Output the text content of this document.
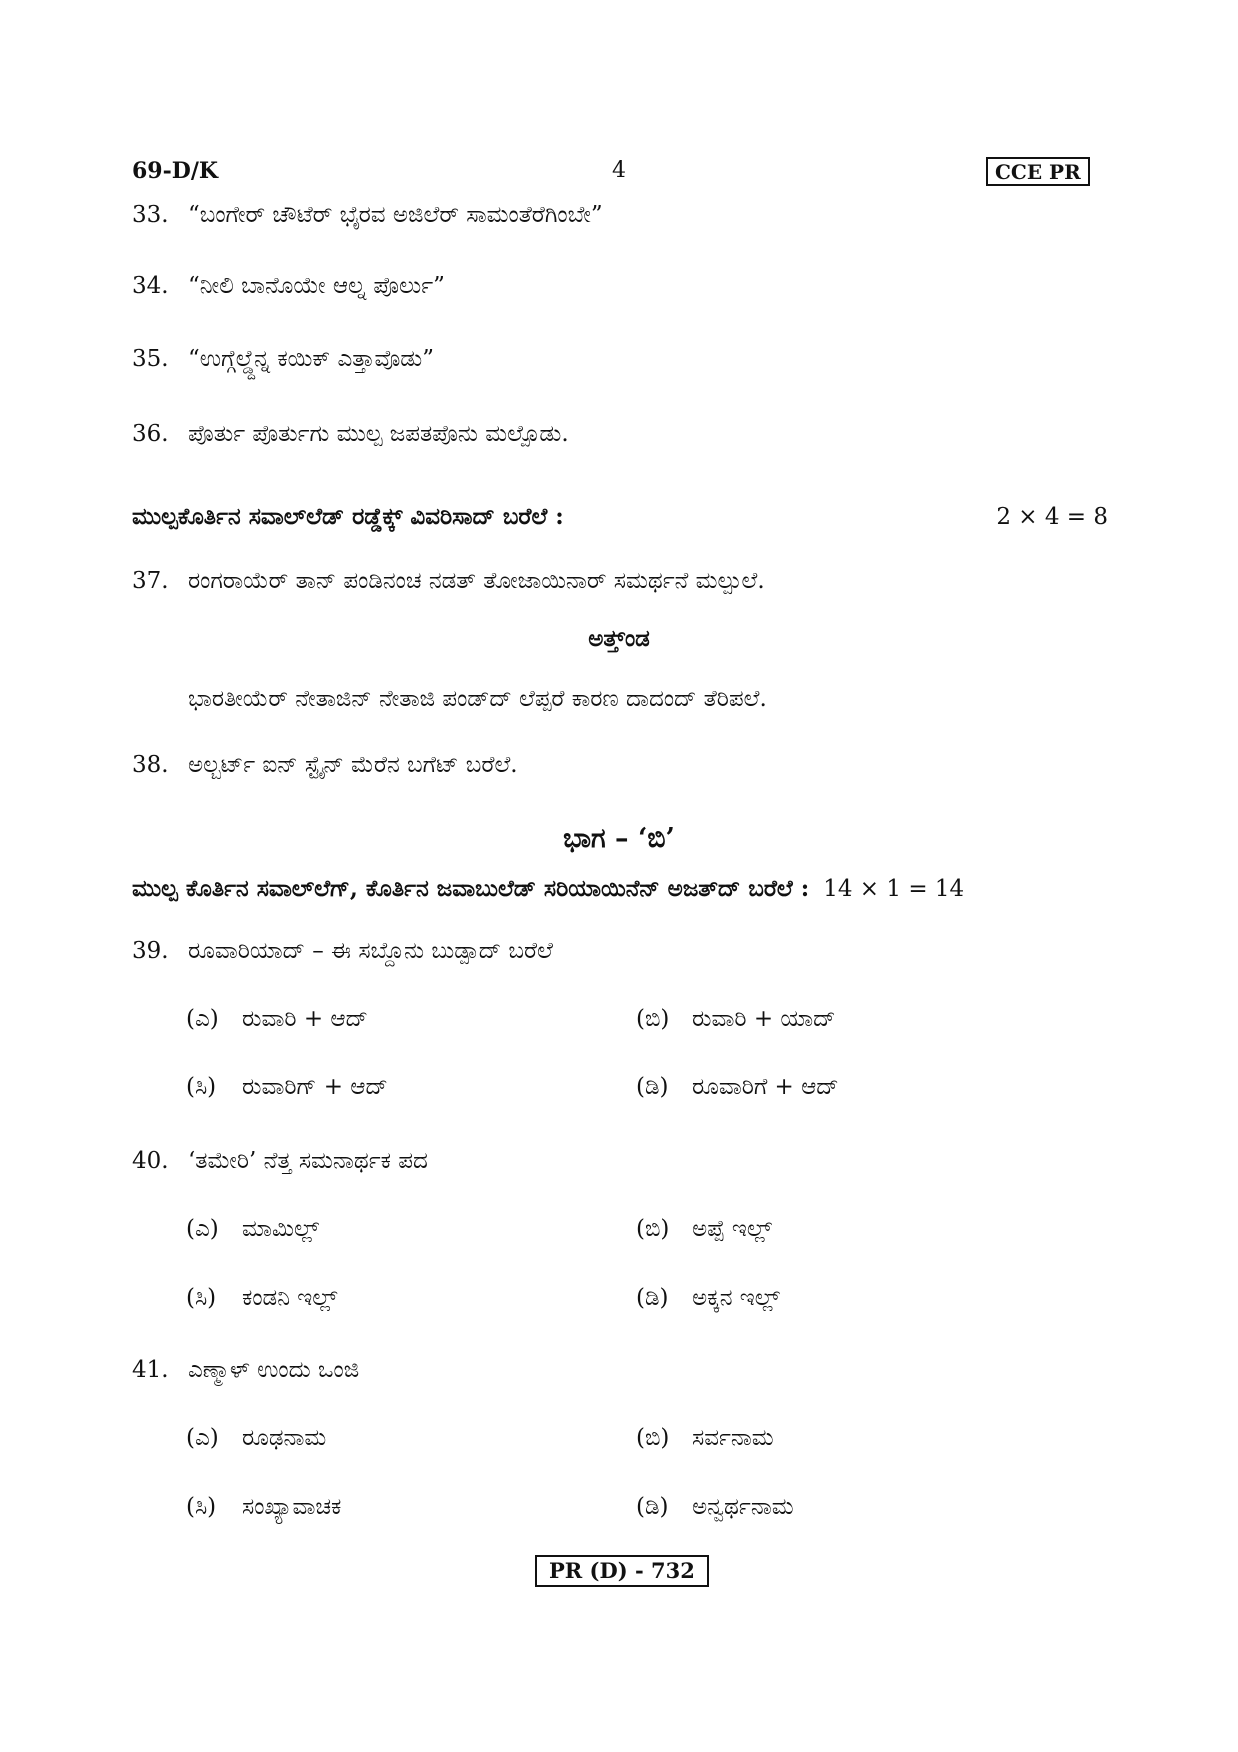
69-D/K	4	CCE PR
33. “ಬಂಗೇರ್ ಚೌಟೆರ್ ಭೈರವ ಅಜಿಲೆರ್ ಸಾಮಂತೆರೆಗಿಂಬೇ”
34. “ನೀಲಿ ಬಾನೊಯೇ ಆಲ್ನ ಪೊರ್ಲು”
35. “ಉಗ್ಗೆಲ್ಡ್ದೆನ್ನ ಕಯಿಕ್ ಎತ್ತಾವೊಡು”
36. ಪೊರ್ತು ಪೊರ್ತುಗು ಮುಲ್ಪ ಜಪತಪೊನು ಮಲ್ಪೊಡು.
ಮುಲ್ಪಕೊರ್ತಿನ ಸವಾಲ್‌ಲೆಡ್ ರಡ್ಡೆಕ್ಕ್ ವಿವರಿಸಾದ್ ಬರೆಲೆ :	2 × 4 = 8
37. ರಂಗರಾಯೆರ್ ತಾನ್ ಪಂಡಿನಂಚ ನಡತ್ ತೋಜಾಯಿನಾರ್ ಸಮರ್ಥನೆ ಮಲ್ಪುಲೆ.
ಅತ್ತ್ಂಡ
ಭಾರತೀಯೆರ್ ನೇತಾಜಿನ್ ನೇತಾಜಿ ಪಂಡ್‌ದ್ ಲೆಪ್ಪರೆ ಕಾರಣ ದಾದಂದ್ ತೆರಿಪಲೆ.
38. ಅಲ್ಬರ್ಟ್ ಐನ್ ಸ್ಟೈನ್ ಮೆರೆನ ಬಗೆಟ್ ಬರೆಲೆ.
ಭಾಗ – ‘ಬಿ’
ಮುಲ್ಪ ಕೊರ್ತಿನ ಸವಾಲ್‌ಲೆಗ್, ಕೊರ್ತಿನ ಜವಾಬುಲೆಡ್ ಸರಿಯಾಯಿನೆನ್ ಅಜತ್‌ದ್ ಬರೆಲೆ : 14 × 1 = 14
39. ರೂವಾರಿಯಾದ್ – ಈ ಸಬ್ದೊನು ಬುಡ್ಪಾದ್ ಬರೆಲೆ
(ಎ) ರುವಾರಿ + ಆದ್	(ಬಿ) ರುವಾರಿ + ಯಾದ್
(ಸಿ) ರುವಾರಿಗ್ + ಆದ್	(ಡಿ) ರೂವಾರಿಗೆ + ಆದ್
40. ‘ತಮೇರಿ’ ನೆತ್ತ ಸಮನಾರ್ಥಕ ಪದ
(ಎ) ಮಾಮಿಲ್ಲ್	(ಬಿ) ಅಪ್ಪೆ ಇಲ್ಲ್
(ಸಿ) ಕಂಡನಿ ಇಲ್ಲ್	(ಡಿ) ಅಕ್ಕನ ಇಲ್ಲ್
41. ಎಣ್ಮಾಳ್ ಉಂದು ಒಂಜಿ
(ಎ) ರೂಢನಾಮ	(ಬಿ) ಸರ್ವನಾಮ
(ಸಿ) ಸಂಖ್ಯಾವಾಚಕ	(ಡಿ) ಅನ್ವರ್ಥನಾಮ
PR (D) - 732
